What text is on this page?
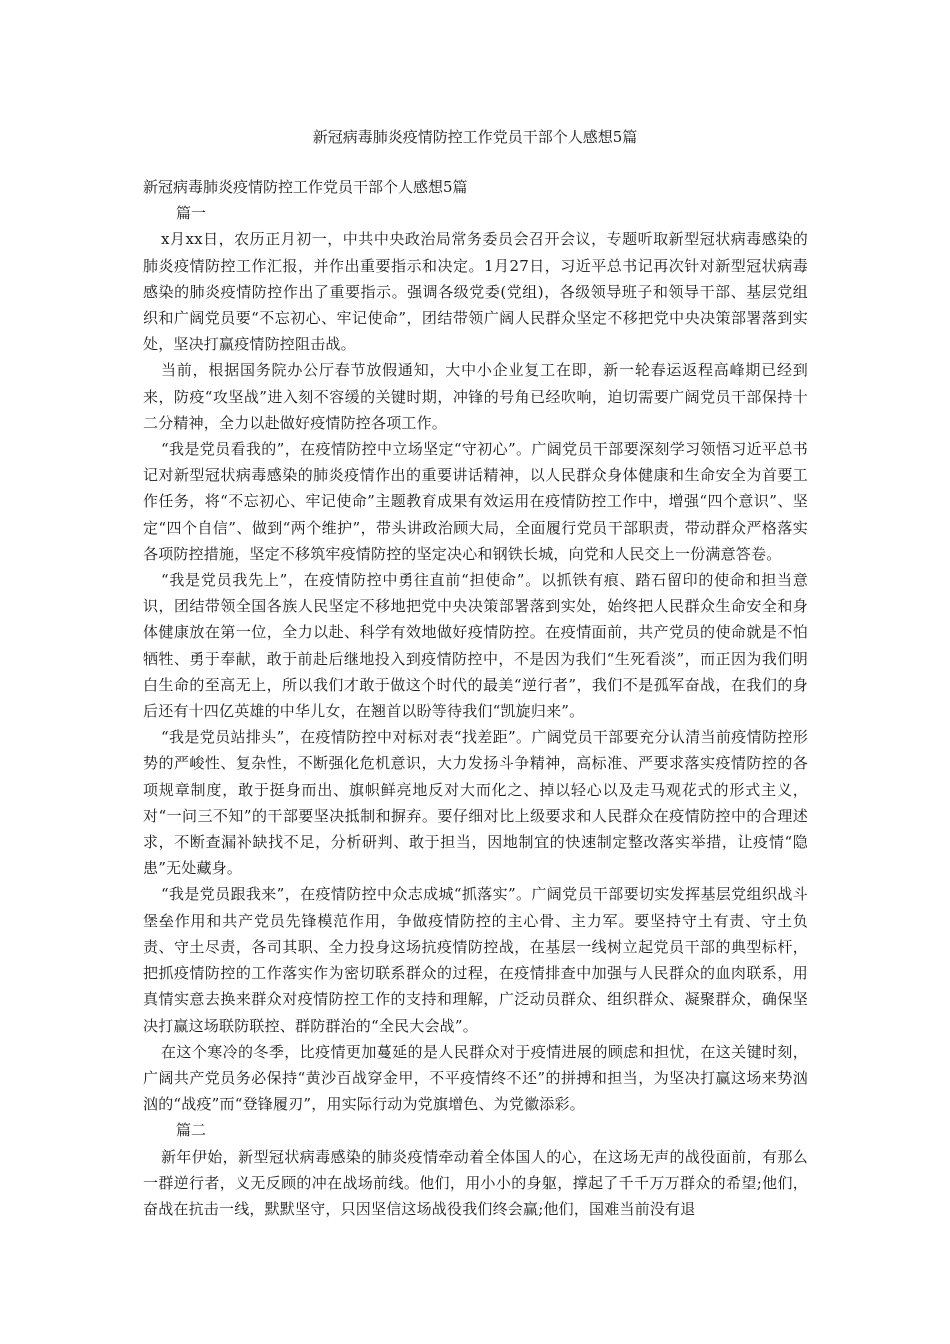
新冠病毒肺炎疫情防控工作党员干部个人感想5篇

新冠病毒肺炎疫情防控工作党员干部个人感想5篇

篇一

x月xx日，农历正月初一，中共中央政治局常务委员会召开会议，专题听取新型冠状病毒感染的肺炎疫情防控工作汇报，并作出重要指示和决定。1月27日，习近平总书记再次针对新型冠状病毒感染的肺炎疫情防控作出了重要指示。强调各级党委(党组)，各级领导班子和领导干部、基层党组织和广阔党员要“不忘初心、牢记使命”，团结带领广阔人民群众坚定不移把党中央决策部署落到实处，坚决打赢疫情防控阻击战。

当前，根据国务院办公厅春节放假通知，大中小企业复工在即，新一轮春运返程高峰期已经到来，防疫“攻坚战”进入刻不容缓的关键时期，冲锋的号角已经吹响，迫切需要广阔党员干部保持十二分精神，全力以赴做好疫情防控各项工作。

“我是党员看我的”，在疫情防控中立场坚定“守初心”。广阔党员干部要深刻学习领悟习近平总书记对新型冠状病毒感染的肺炎疫情作出的重要讲话精神，以人民群众身体健康和生命安全为首要工作任务，将“不忘初心、牢记使命”主题教育成果有效运用在疫情防控工作中，增强“四个意识”、坚定“四个自信”、做到“两个维护”，带头讲政治顾大局，全面履行党员干部职责，带动群众严格落实各项防控措施，坚定不移筑牢疫情防控的坚定决心和钢铁长城，向党和人民交上一份满意答卷。

“我是党员我先上”，在疫情防控中勇往直前“担使命”。以抓铁有痕、踏石留印的使命和担当意识，团结带领全国各族人民坚定不移地把党中央决策部署落到实处，始终把人民群众生命安全和身体健康放在第一位，全力以赴、科学有效地做好疫情防控。在疫情面前，共产党员的使命就是不怕牺牲、勇于奉献，敢于前赴后继地投入到疫情防控中，不是因为我们“生死看淡”，而正因为我们明白生命的至高无上，所以我们才敢于做这个时代的最美“逆行者”，我们不是孤军奋战，在我们的身后还有十四亿英雄的中华儿女，在翘首以盼等待我们“凯旋归来”。

“我是党员站排头”，在疫情防控中对标对表“找差距”。广阔党员干部要充分认清当前疫情防控形势的严峻性、复杂性，不断强化危机意识，大力发扬斗争精神，高标准、严要求落实疫情防控的各项规章制度，敢于挺身而出、旗帜鲜亮地反对大而化之、掉以轻心以及走马观花式的形式主义，对“一问三不知”的干部要坚决抵制和摒弃。要仔细对比上级要求和人民群众在疫情防控中的合理述求，不断查漏补缺找不足，分析研判、敢于担当，因地制宜的快速制定整改落实举措，让疫情“隐患”无处藏身。

“我是党员跟我来”，在疫情防控中众志成城“抓落实”。广阔党员干部要切实发挥基层党组织战斗堡垒作用和共产党员先锋模范作用，争做疫情防控的主心骨、主力军。要坚持守土有责、守土负责、守土尽责，各司其职、全力投身这场抗疫情防控战，在基层一线树立起党员干部的典型标杆，把抓疫情防控的工作落实作为密切联系群众的过程，在疫情排查中加强与人民群众的血肉联系，用真情实意去换来群众对疫情防控工作的支持和理解，广泛动员群众、组织群众、凝聚群众，确保坚决打赢这场联防联控、群防群治的“全民大会战”。

在这个寒冷的冬季，比疫情更加蔓延的是人民群众对于疫情进展的顾虑和担忧，在这关键时刻，广阔共产党员务必保持“黄沙百战穿金甲，不平疫情终不还”的拼搏和担当，为坚决打赢这场来势汹汹的“战疫”而“登锋履刃”，用实际行动为党旗增色、为党徽添彩。

篇二

新年伊始，新型冠状病毒感染的肺炎疫情牵动着全体国人的心，在这场无声的战役面前，有那么一群逆行者，义无反顾的冲在战场前线。他们，用小小的身躯，撑起了千千万万群众的希望;他们，奋战在抗击一线，默默坚守，只因坚信这场战役我们终会赢;他们，国难当前没有退
